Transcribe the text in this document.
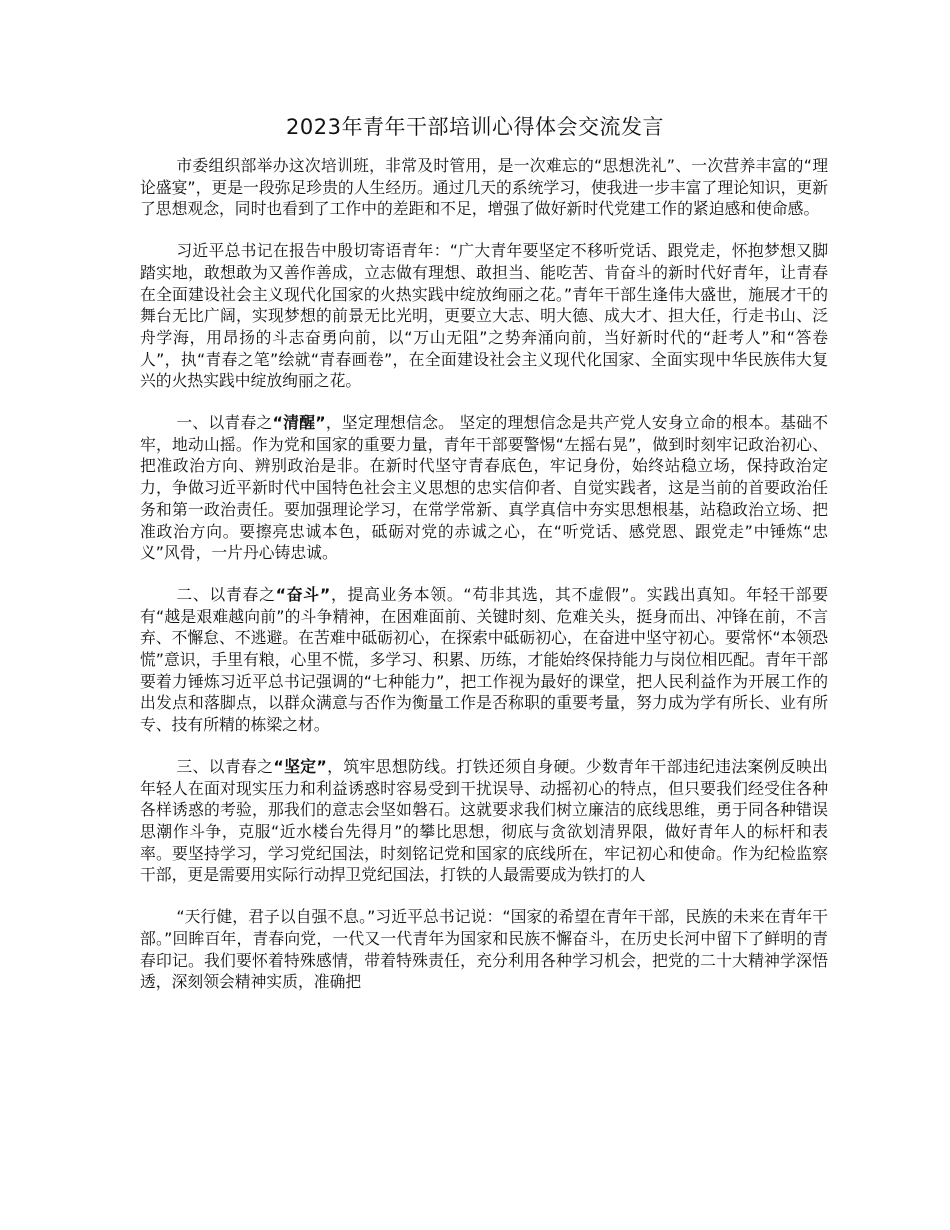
2023年青年干部培训心得体会交流发言

市委组织部举办这次培训班，非常及时管用，是一次难忘的“思想洗礼”、一次营养丰富的“理论盛宴”，更是一段弥足珍贵的人生经历。通过几天的系统学习，使我进一步丰富了理论知识，更新了思想观念，同时也看到了工作中的差距和不足，增强了做好新时代党建工作的紧迫感和使命感。

习近平总书记在报告中殷切寄语青年：“广大青年要坚定不移听党话、跟党走，怀抱梦想又脚踏实地，敢想敢为又善作善成，立志做有理想、敢担当、能吃苦、肯奋斗的新时代好青年，让青春在全面建设社会主义现代化国家的火热实践中绽放绚丽之花。”青年干部生逢伟大盛世，施展才干的舞台无比广阔，实现梦想的前景无比光明，更要立大志、明大德、成大才、担大任，行走书山、泛舟学海，用昂扬的斗志奋勇向前，以“万山无阻”之势奔涌向前，当好新时代的“赶考人”和“答卷人”，执“青春之笔”绘就“青春画卷”，在全面建设社会主义现代化国家、全面实现中华民族伟大复兴的火热实践中绽放绚丽之花。

一、以青春之“清醒”，坚定理想信念。 坚定的理想信念是共产党人安身立命的根本。基础不牢，地动山摇。作为党和国家的重要力量，青年干部要警惕“左摇右晃”，做到时刻牢记政治初心、把准政治方向、辨别政治是非。在新时代坚守青春底色，牢记身份，始终站稳立场，保持政治定力，争做习近平新时代中国特色社会主义思想的忠实信仰者、自觉实践者，这是当前的首要政治任务和第一政治责任。要加强理论学习，在常学常新、真学真信中夯实思想根基，站稳政治立场、把准政治方向。要擦亮忠诚本色，砥砺对党的赤诚之心，在“听党话、感党恩、跟党走”中锤炼“忠义”风骨，一片丹心铸忠诚。

二、以青春之“奋斗”，提高业务本领。“苟非其选，其不虚假”。实践出真知。年轻干部要有“越是艰难越向前”的斗争精神，在困难面前、关键时刻、危难关头，挺身而出、冲锋在前，不言弃、不懈怠、不逃避。在苦难中砥砺初心，在探索中砥砺初心，在奋进中坚守初心。要常怀“本领恐慌”意识，手里有粮，心里不慌，多学习、积累、历练，才能始终保持能力与岗位相匹配。青年干部要着力锤炼习近平总书记强调的“七种能力”，把工作视为最好的课堂，把人民利益作为开展工作的出发点和落脚点，以群众满意与否作为衡量工作是否称职的重要考量，努力成为学有所长、业有所专、技有所精的栋梁之材。

三、以青春之“坚定”，筑牢思想防线。打铁还须自身硬。少数青年干部违纪违法案例反映出年轻人在面对现实压力和利益诱惑时容易受到干扰误导、动摇初心的特点，但只要我们经受住各种各样诱惑的考验，那我们的意志会坚如磐石。这就要求我们树立廉洁的底线思维，勇于同各种错误思潮作斗争，克服“近水楼台先得月”的攀比思想，彻底与贪欲划清界限，做好青年人的标杆和表率。要坚持学习，学习党纪国法，时刻铭记党和国家的底线所在，牢记初心和使命。作为纪检监察干部，更是需要用实际行动捍卫党纪国法，打铁的人最需要成为铁打的人

“天行健，君子以自强不息。”习近平总书记说：“国家的希望在青年干部，民族的未来在青年干部。”回眸百年，青春向党，一代又一代青年为国家和民族不懈奋斗，在历史长河中留下了鲜明的青春印记。我们要怀着特殊感情，带着特殊责任，充分利用各种学习机会，把党的二十大精神学深悟透，深刻领会精神实质，准确把
